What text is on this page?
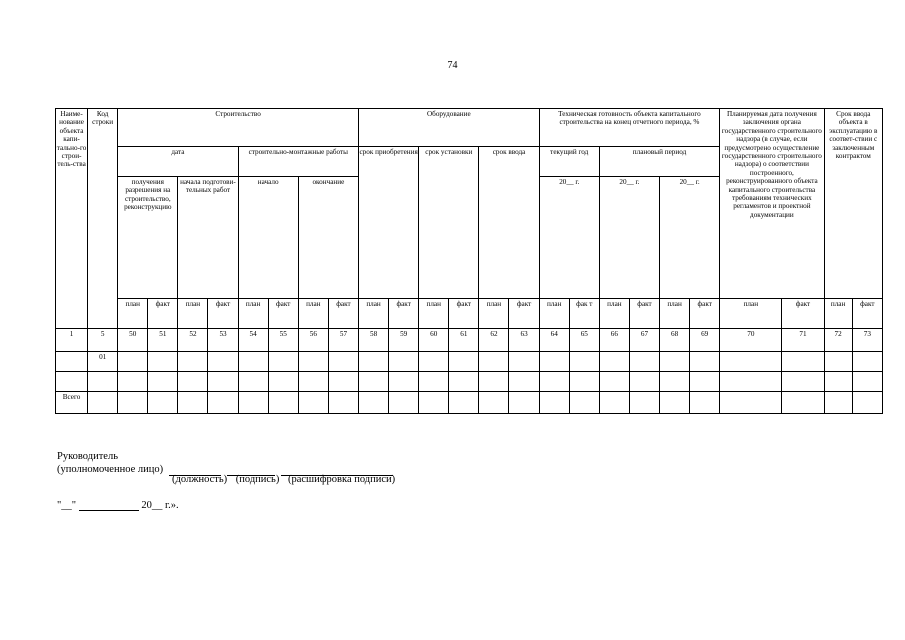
74
Наиме-нование объекта капи-тально-го строи-тель-ства	Код строки	Строительство								Оборудование						Техническая готовность объекта капитального строительства на конец отчетного периода, %						Планируемая дата получения заключения органа государственного строительного надзора (в случае, если предусмотрено осуществление государственного строительного надзора) о соответствии построенного, реконструированного объекта капитального строительства требованиям технических регламентов и проектной документации		Срок ввода объекта в эксплуатацию в соответ-ствии с заключенным контрактом	
		дата				строительно-монтажные работы				срок приобретения		срок установки		срок ввода		текущий год		плановый период							
		получения разрешения на строительство, реконструкцию		начала подготови-тельных работ		начало		окончание								20__ г.		20__ г.		20__ г.					
		план	факт	план	факт	план	факт	план	факт	план	факт	план	факт	план	факт	план	фак т	план	факт	план	факт	план	факт	план	факт
1	5	50	51	52	53	54	55	56	57	58	59	60	61	62	63	64	65	66	67	68	69	70	71	72	73
	01																								

Всего																									
Руководитель
(уполномоченное лицо)
(должность) (подпись) (расшифровка подписи)
"__"	20__ г.».
